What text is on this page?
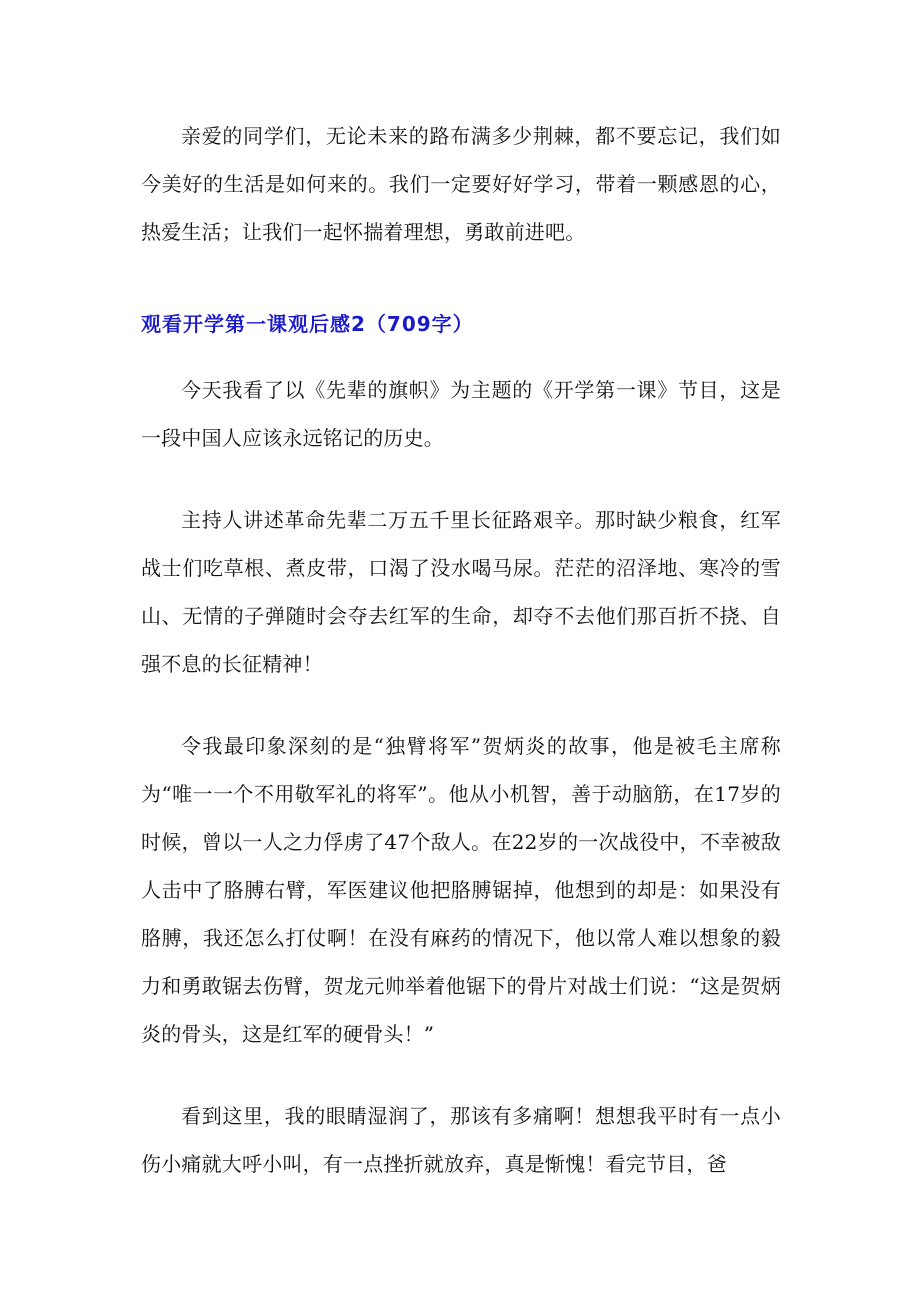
亲爱的同学们，无论未来的路布满多少荆棘，都不要忘记，我们如今美好的生活是如何来的。我们一定要好好学习，带着一颗感恩的心，热爱生活；让我们一起怀揣着理想，勇敢前进吧。

观看开学第一课观后感2（709字）

今天我看了以《先辈的旗帜》为主题的《开学第一课》节目，这是一段中国人应该永远铭记的历史。

主持人讲述革命先辈二万五千里长征路艰辛。那时缺少粮食，红军战士们吃草根、煮皮带，口渴了没水喝马尿。茫茫的沼泽地、寒冷的雪山、无情的子弹随时会夺去红军的生命，却夺不去他们那百折不挠、自强不息的长征精神！

令我最印象深刻的是“独臂将军”贺炳炎的故事，他是被毛主席称为“唯一一个不用敬军礼的将军”。他从小机智，善于动脑筋，在17岁的时候，曾以一人之力俘虏了47个敌人。在22岁的一次战役中，不幸被敌人击中了胳膊右臂，军医建议他把胳膊锯掉，他想到的却是：如果没有胳膊，我还怎么打仗啊！在没有麻药的情况下，他以常人难以想象的毅力和勇敢锯去伤臂，贺龙元帅举着他锯下的骨片对战士们说：“这是贺炳炎的骨头，这是红军的硬骨头！”

看到这里，我的眼睛湿润了，那该有多痛啊！想想我平时有一点小伤小痛就大呼小叫，有一点挫折就放弃，真是惭愧！看完节目，爸
